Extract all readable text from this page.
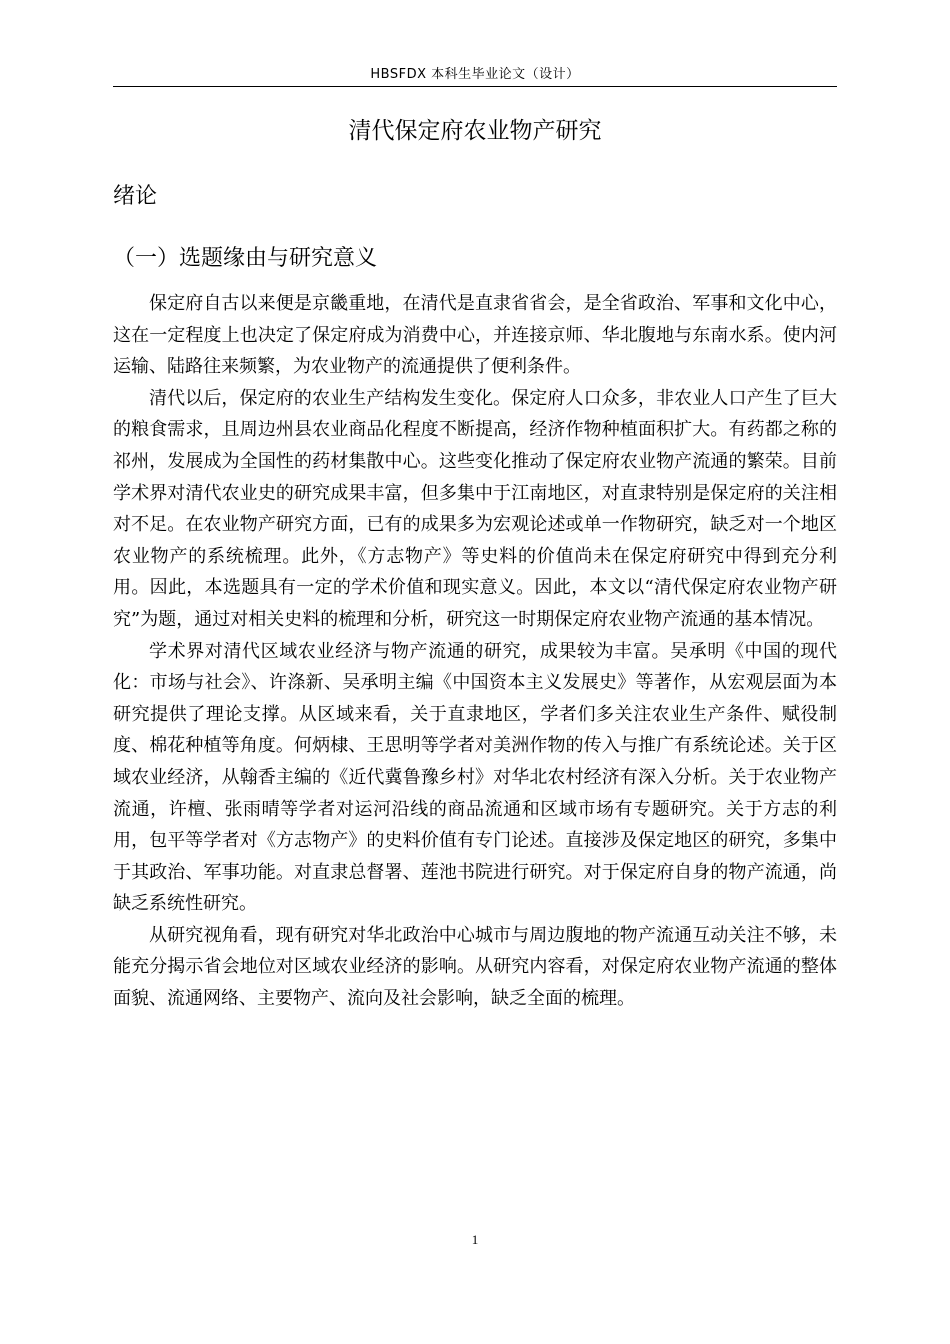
HBSFDX 本科生毕业论文（设计）
清代保定府农业物产研究
绪论
（一）选题缘由与研究意义

保定府自古以来便是京畿重地，在清代是直隶省省会，是全省政治、军事和文化中心，这在一定程度上也决定了保定府成为消费中心，并连接京师、华北腹地与东南水系。使内河运输、陆路往来频繁，为农业物产的流通提供了便利条件。

清代以后，保定府的农业生产结构发生变化。保定府人口众多，非农业人口产生了巨大的粮食需求，且周边州县农业商品化程度不断提高，经济作物种植面积扩大。有药都之称的祁州，发展成为全国性的药材集散中心。这些变化推动了保定府农业物产流通的繁荣。目前学术界对清代农业史的研究成果丰富，但多集中于江南地区，对直隶特别是保定府的关注相对不足。在农业物产研究方面，已有的成果多为宏观论述或单一作物研究，缺乏对一个地区农业物产的系统梳理。此外，《方志物产》等史料的价值尚未在保定府研究中得到充分利用。因此，本选题具有一定的学术价值和现实意义。因此，本文以“清代保定府农业物产研究”为题，通过对相关史料的梳理和分析，研究这一时期保定府农业物产流通的基本情况。

学术界对清代区域农业经济与物产流通的研究，成果较为丰富。吴承明《中国的现代化：市场与社会》、许涤新、吴承明主编《中国资本主义发展史》等著作，从宏观层面为本研究提供了理论支撑。从区域来看，关于直隶地区，学者们多关注农业生产条件、赋役制度、棉花种植等角度。何炳棣、王思明等学者对美洲作物的传入与推广有系统论述。关于区域农业经济，从翰香主编的《近代冀鲁豫乡村》对华北农村经济有深入分析。关于农业物产流通，许檀、张雨晴等学者对运河沿线的商品流通和区域市场有专题研究。关于方志的利用，包平等学者对《方志物产》的史料价值有专门论述。直接涉及保定地区的研究，多集中于其政治、军事功能。对直隶总督署、莲池书院进行研究。对于保定府自身的物产流通，尚缺乏系统性研究。

从研究视角看，现有研究对华北政治中心城市与周边腹地的物产流通互动关注不够，未能充分揭示省会地位对区域农业经济的影响。从研究内容看，对保定府农业物产流通的整体面貌、流通网络、主要物产、流向及社会影响，缺乏全面的梳理。

1
